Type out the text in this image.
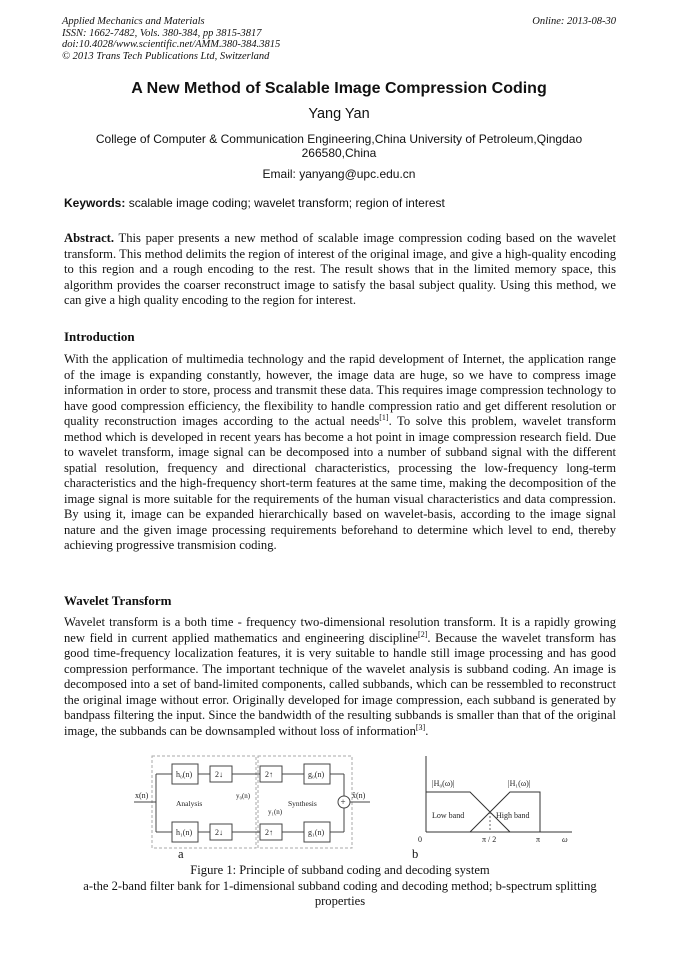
Applied Mechanics and Materials
ISSN: 1662-7482, Vols. 380-384, pp 3815-3817
doi:10.4028/www.scientific.net/AMM.380-384.3815
© 2013 Trans Tech Publications Ltd, Switzerland
Online: 2013-08-30
A New Method of Scalable Image Compression Coding
Yang Yan
College of Computer & Communication Engineering,China University of Petroleum,Qingdao 266580,China
Email: yanyang@upc.edu.cn
Keywords: scalable image coding; wavelet transform; region of interest
Abstract. This paper presents a new method of scalable image compression coding based on the wavelet transform. This method delimits the region of interest of the original image, and give a high-quality encoding to this region and a rough encoding to the rest. The result shows that in the limited memory space, this algorithm provides the coarser reconstruct image to satisfy the basal subject quality. Using this method, we can give a high quality encoding to the region for interest.
Introduction
With the application of multimedia technology and the rapid development of Internet, the application range of the image is expanding constantly, however, the image data are huge, so we have to compress image information in order to store, process and transmit these data. This requires image compression technology to have good compression efficiency, the flexibility to handle compression ratio and get different resolution or quality reconstruction images according to the actual needs[1]. To solve this problem, wavelet transform method which is developed in recent years has become a hot point in image compression research field. Due to wavelet transform, image signal can be decomposed into a number of subband signal with the different spatial resolution, frequency and directional characteristics, processing the low-frequency long-term characteristics and the high-frequency short-term features at the same time, making the decomposition of the image signal is more suitable for the requirements of the human visual characteristics and data compression. By using it, image can be expanded hierarchically based on wavelet-basis, according to the image signal nature and the given image processing requirements beforehand to determine which level to end, thereby achieving progressive transmision coding.
Wavelet Transform
Wavelet transform is a both time - frequency two-dimensional resolution transform. It is a rapidly growing new field in current applied mathematics and engineering discipline[2]. Because the wavelet transform has good time-frequency localization features, it is very suitable to handle still image processing and has good compression performance. The important technique of the wavelet analysis is subband coding. An image is decomposed into a set of band-limited components, called subbands, which can be ressembled to reconstruct the original image without error. Originally developed for image compression, each subband is generated by bandpass filtering the input. Since the bandwidth of the resulting subbands is smaller than that of the original image, the subbands can be downsampled without loss of information[3].
+
x(n)	x̂(n)
h₀(n)
h₁(n)
2↓
2↓
2↑
2↑
g₀(n)
g₁(n)
y₀(n)
y₁(n)
Analysis	Synthesis
|H₀(ω)|	|H₁(ω)|
Low band	High band
0	π / 2	π	ω
a	b
Figure 1: Principle of subband coding and decoding system
a-the 2-band filter bank for 1-dimensional subband coding and decoding method; b-spectrum splitting properties
